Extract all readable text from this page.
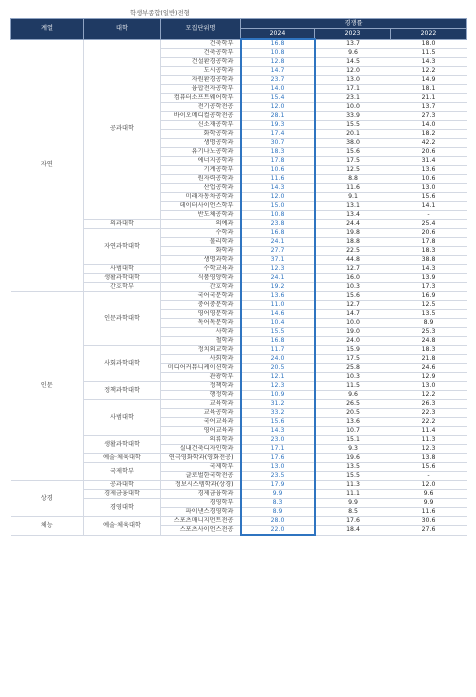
학생부종합(일반)전형
계열	대학	모집단위명	경쟁률		
			2024	2023	2022
자연	공과대학	건축학부	16.8	13.7	18.0
		건축공학부	10.8	9.6	11.5
		건설환경공학과	12.8	14.5	14.3
		도시공학과	14.7	12.0	12.2
		자원환경공학과	23.7	13.0	14.9
		융합전자공학부	14.0	17.1	18.1
		컴퓨터소프트웨어학부	15.4	23.1	21.1
		전기공학전공	12.0	10.0	13.7
		바이오메디컬공학전공	28.1	33.9	27.3
		신소재공학부	19.3	15.5	14.0
		화학공학과	17.4	20.1	18.2
		생명공학과	30.7	38.0	42.2
		유기나노공학과	18.3	15.6	20.6
		에너지공학과	17.8	17.5	31.4
		기계공학부	10.6	12.5	13.6
		원자력공학과	11.6	8.8	10.6
		산업공학과	14.3	11.6	13.0
		미래자동차공학과	12.0	9.1	15.6
		데이터사이언스학부	15.0	13.1	14.1
		반도체공학과	10.8	13.4	-
	의과대학	의예과	23.8	24.4	25.4
	자연과학대학	수학과	16.8	19.8	20.6
		물리학과	24.1	18.8	17.8
		화학과	27.7	22.5	18.3
		생명과학과	37.1	44.8	38.8
	사범대학	수학교육과	12.3	12.7	14.3
	생활과학대학	식품영양학과	24.1	16.0	13.9
	간호학부	간호학과	19.2	10.3	17.3
인문	인문과학대학	국어국문학과	13.6	15.6	16.9
		중어중문학과	11.0	12.7	12.5
		영어영문학과	14.6	14.7	13.5
		독어독문학과	10.4	10.0	8.9
		사학과	15.5	19.0	25.3
		철학과	16.8	24.0	24.8
	사회과학대학	정치외교학과	11.7	15.9	18.3
		사회학과	24.0	17.5	21.8
		미디어커뮤니케이션학과	20.5	25.8	24.6
		관광학부	12.1	10.3	12.9
	정책과학대학	정책학과	12.3	11.5	13.0
		행정학과	10.9	9.6	12.2
	사범대학	교육학과	31.2	26.5	26.3
		교육공학과	33.2	20.5	22.3
		국어교육과	15.6	13.6	22.2
		영어교육과	14.3	10.7	11.4
	생활과학대학	의류학과	23.0	15.1	11.3
		실내건축디자인학과	17.1	9.3	12.3
	예술·체육대학	연극영화학과(영화전공)	17.6	19.6	13.8
	국제학부	국제학부	13.0	13.5	15.6
		글로벌한국학전공	23.5	15.5	-
상경	공과대학	정보시스템학과(상경)	17.9	11.3	12.0
	경제금융대학	경제금융학과	9.9	11.1	9.6
	경영대학	경영학부	8.3	9.9	9.9
		파이낸스경영학과	8.9	8.5	11.6
체능	예술·체육대학	스포츠매니지먼트전공	28.0	17.6	30.6
		스포츠사이언스전공	22.0	18.4	27.6
